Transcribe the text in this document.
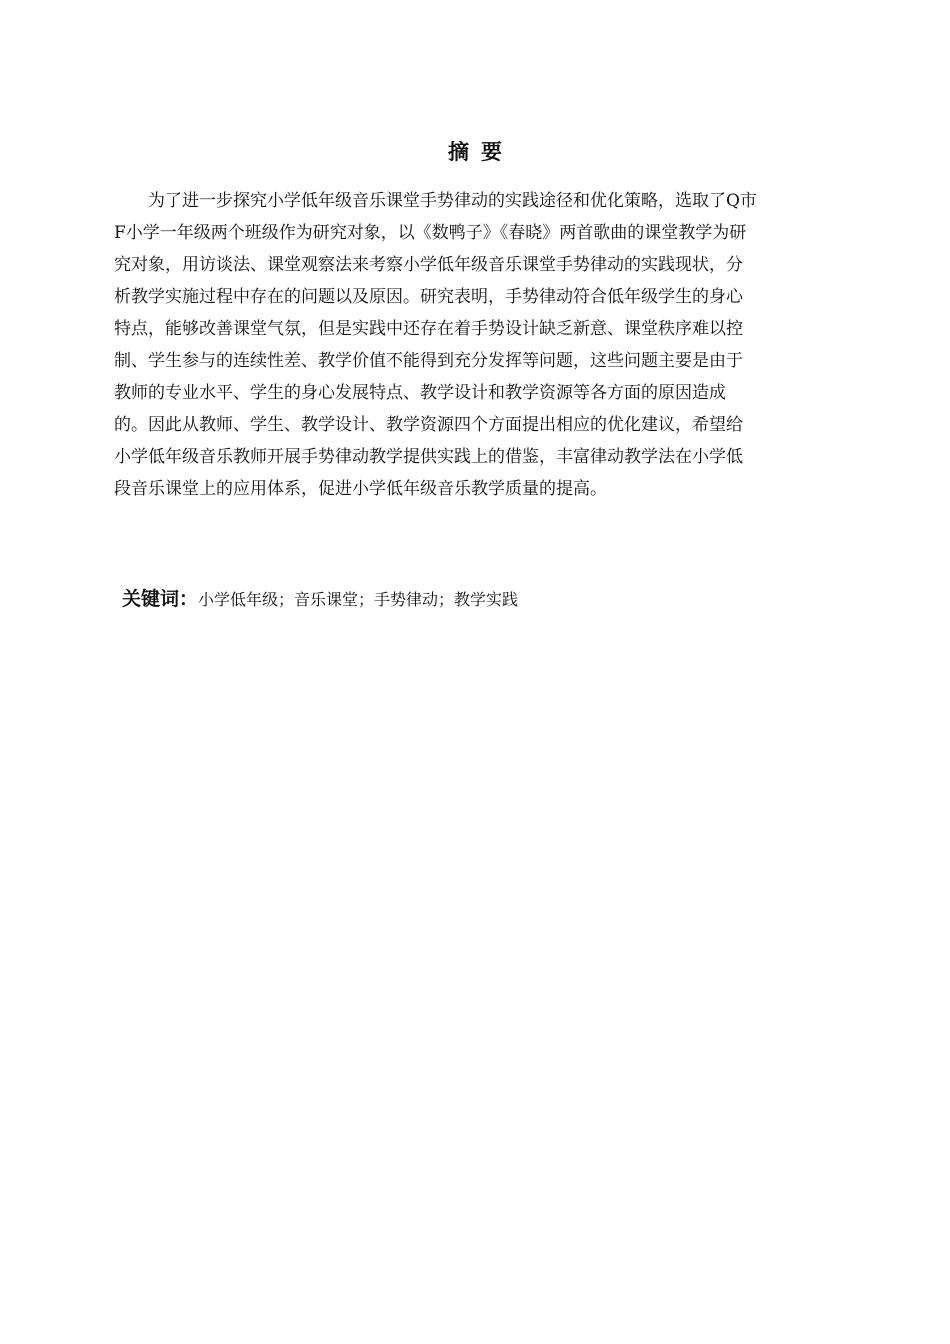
摘要
为了进一步探究小学低年级音乐课堂手势律动的实践途径和优化策略，选取了Q市
F小学一年级两个班级作为研究对象，以《数鸭子》《春晓》两首歌曲的课堂教学为研
究对象，用访谈法、课堂观察法来考察小学低年级音乐课堂手势律动的实践现状，分
析教学实施过程中存在的问题以及原因。研究表明，手势律动符合低年级学生的身心
特点，能够改善课堂气氛，但是实践中还存在着手势设计缺乏新意、课堂秩序难以控
制、学生参与的连续性差、教学价值不能得到充分发挥等问题，这些问题主要是由于
教师的专业水平、学生的身心发展特点、教学设计和教学资源等各方面的原因造成
的。因此从教师、学生、教学设计、教学资源四个方面提出相应的优化建议，希望给
小学低年级音乐教师开展手势律动教学提供实践上的借鉴，丰富律动教学法在小学低
段音乐课堂上的应用体系，促进小学低年级音乐教学质量的提高。
关键词：小学低年级；音乐课堂；手势律动；教学实践
